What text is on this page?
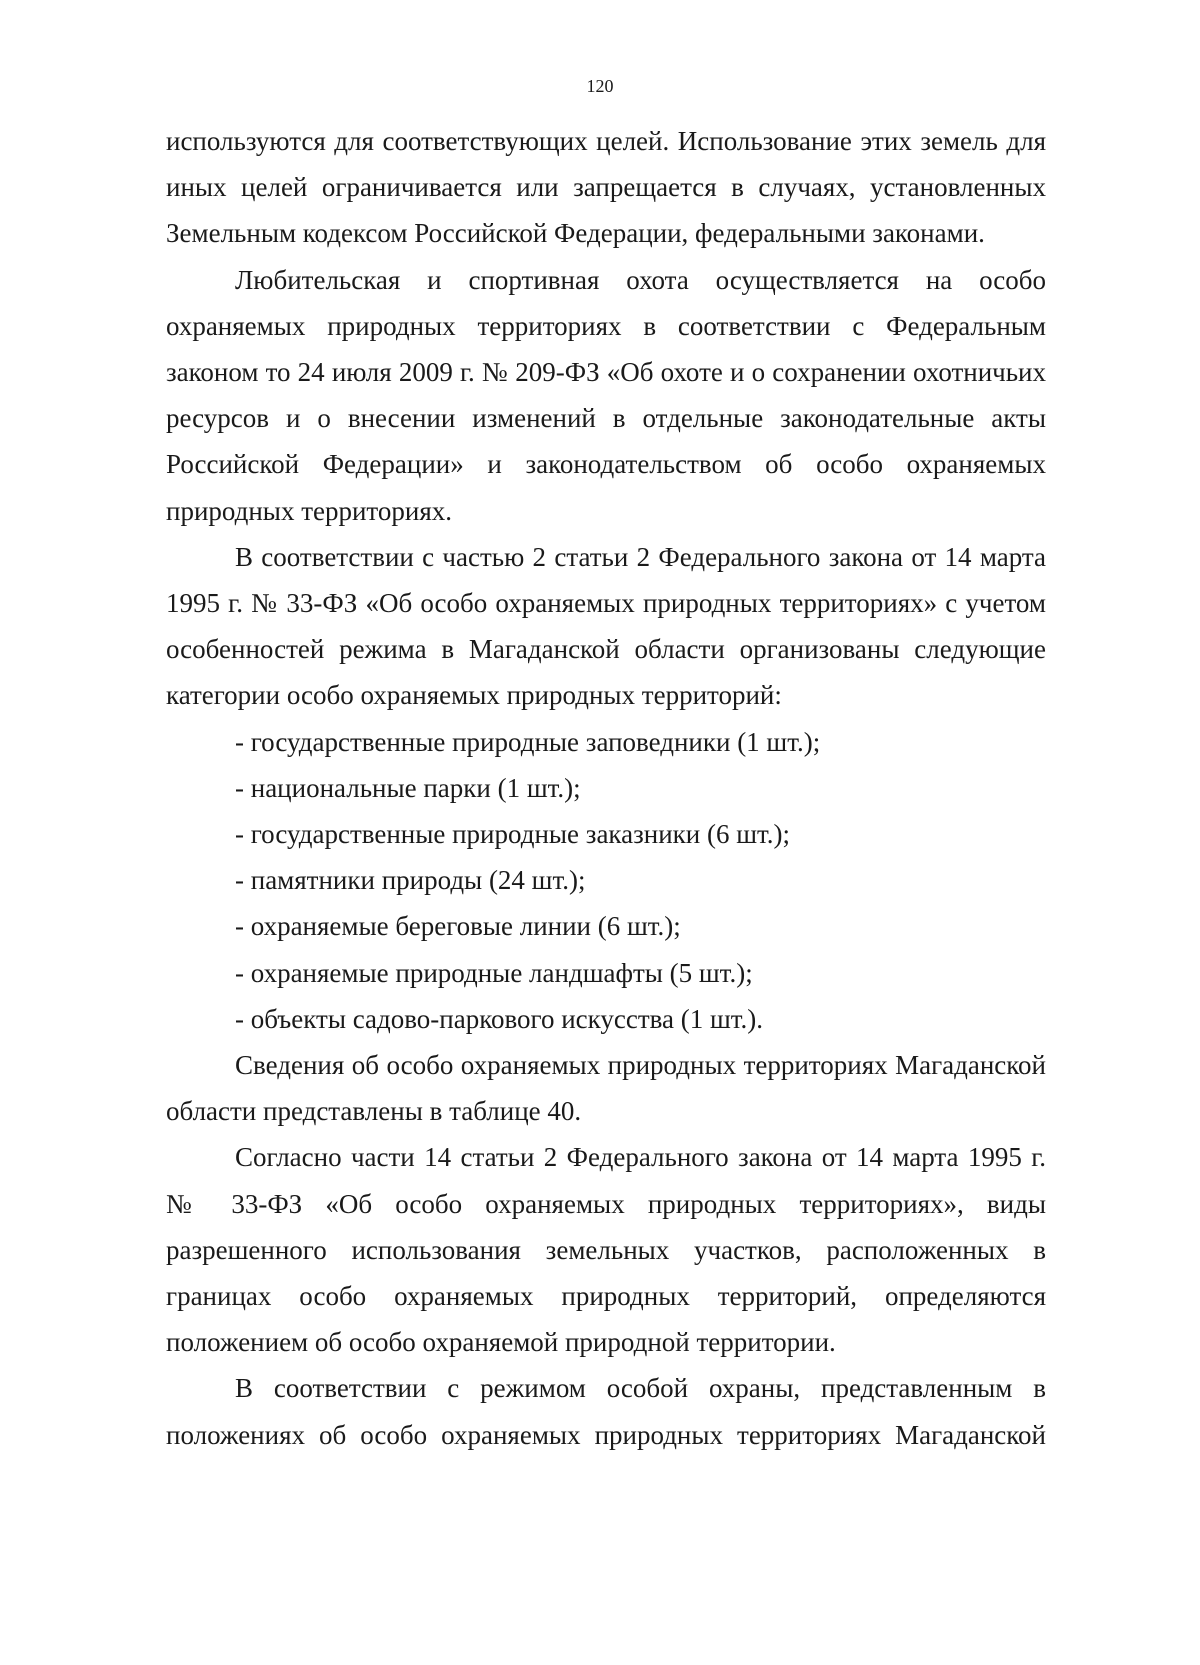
120

используются для соответствующих целей. Использование этих земель для иных целей ограничивается или запрещается в случаях, установленных Земельным кодексом Российской Федерации, федеральными законами.

Любительская и спортивная охота осуществляется на особо охраняемых природных территориях в соответствии с Федеральным законом то 24 июля 2009 г. № 209-ФЗ «Об охоте и о сохранении охотничьих ресурсов и о внесении изменений в отдельные законодательные акты Российской Федерации» и законодательством об особо охраняемых природных территориях.

В соответствии с частью 2 статьи 2 Федерального закона от 14 марта 1995 г. № 33-ФЗ «Об особо охраняемых природных территориях» с учетом особенностей режима в Магаданской области организованы следующие категории особо охраняемых природных территорий:

- государственные природные заповедники (1 шт.);

- национальные парки (1 шт.);

- государственные природные заказники (6 шт.);

- памятники природы (24 шт.);

- охраняемые береговые линии (6 шт.);

- охраняемые природные ландшафты (5 шт.);

- объекты садово-паркового искусства (1 шт.).

Сведения об особо охраняемых природных территориях Магаданской области представлены в таблице 40.

Согласно части 14 статьи 2 Федерального закона от 14 марта 1995 г. № 33-ФЗ «Об особо охраняемых природных территориях», виды разрешенного использования земельных участков, расположенных в границах особо охраняемых природных территорий, определяются положением об особо охраняемой природной территории.

В соответствии с режимом особой охраны, представленным в положениях об особо охраняемых природных территориях Магаданской
